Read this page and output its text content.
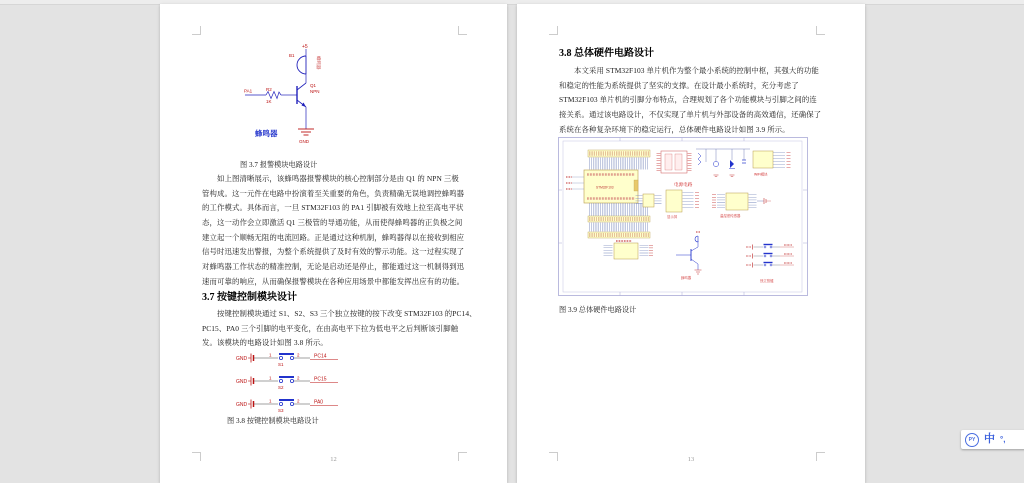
+5
B1
蜂鸣器
Q1
NPN
PA1	R2
1K
GND
蜂鸣器
图 3.7 报警模块电路设计
如上图清晰展示，该蜂鸣器报警模块的核心控制部分是由 Q1 的 NPN 三极
管构成。这一元件在电路中扮演着至关重要的角色，负责精确无误地调控蜂鸣器
的工作模式。具体而言，一旦 STM32F103 的 PA1 引脚被有效地上拉至高电平状
态，这一动作会立即激活 Q1 三极管的导通功能，从而使得蜂鸣器的正负极之间
建立起一个顺畅无阻的电流回路。正是通过这种机制，蜂鸣器得以在接收到相应
信号时迅速发出警报，为整个系统提供了及时有效的警示功能。这一过程实现了
对蜂鸣器工作状态的精准控制，无论是启动还是停止，都能通过这一机制得到迅
速而可靠的响应，从而确保报警模块在各种应用场景中都能发挥出应有的功能。
3.7 按键控制模块设计
按键控制模块通过 S1、S2、S3 三个独立按键的按下改变 STM32F103 的PC14、
PC15、PA0 三个引脚的电平变化，在由高电平下拉为低电平之后判断该引脚触
发。该模块的电路设计如图 3.8 所示。
GND
1
S1
2	PC14
GND
1
S2
2	PC15
GND
1
S3
2	PA0
图 3.8 按键控制模块电路设计
12
3.8 总体硬件电路设计
本文采用 STM32F103 单片机作为整个最小系统的控制中枢，其强大的功能
和稳定的性能为系统提供了坚实的支撑。在设计最小系统时，充分考虑了
STM32F103 单片机的引脚分布特点，合理规划了各个功能模块与引脚之间的连
接关系。通过该电路设计，不仅实现了单片机与外部设备的高效通信，还确保了
系统在各种复杂环境下的稳定运行，总体硬件电路设计如图 3.9 所示。
STM32F103
电源电路
WiFi模块
显示屏	温湿度传感器
蜂鸣器
独立按键
图 3.9 总体硬件电路设计
13
PY 中 °,
